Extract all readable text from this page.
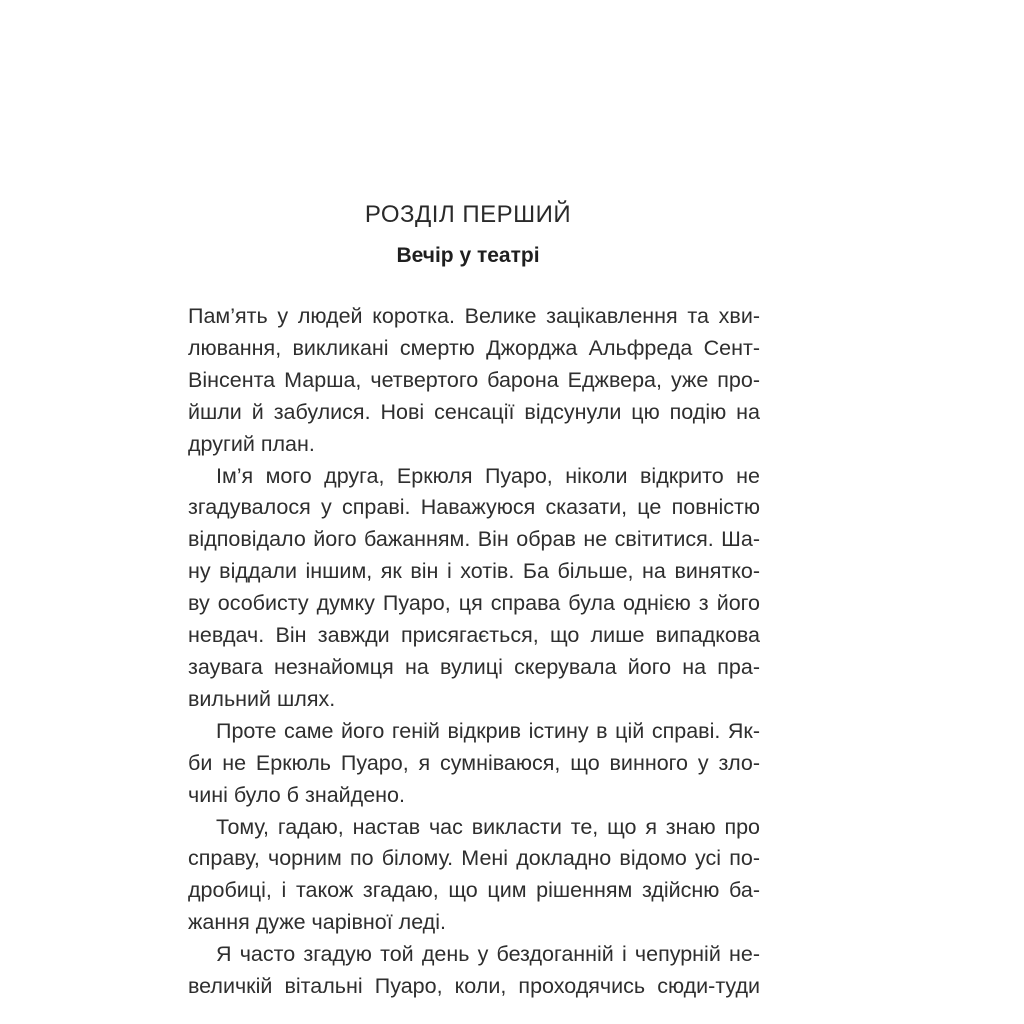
РОЗДІЛ ПЕРШИЙ
Вечір у театрі

Пам’ять у людей коротка. Велике зацікавлення та хви-
лювання, викликані смертю Джорджа Альфреда Сент-
Вінсента Марша, четвертого барона Еджвера, уже про-
йшли й забулися. Нові сенсації відсунули цю подію на
другий план.

Ім’я мого друга, Еркюля Пуаро, ніколи відкрито не
згадувалося у справі. Наважуюся сказати, це повністю
відповідало його бажанням. Він обрав не світитися. Ша-
ну віддали іншим, як він і хотів. Ба більше, на винятко-
ву особисту думку Пуаро, ця справа була однією з його
невдач. Він завжди присягається, що лише випадкова
заувага незнайомця на вулиці скерувала його на пра-
вильний шлях.

Проте саме його геній відкрив істину в цій справі. Як-
би не Еркюль Пуаро, я сумніваюся, що винного у зло-
чині було б знайдено.

Тому, гадаю, настав час викласти те, що я знаю про
справу, чорним по білому. Мені докладно відомо усі по-
дробиці, і також згадаю, що цим рішенням здійсню ба-
жання дуже чарівної леді.

Я часто згадую той день у бездоганній і чепурній не-
величкій вітальні Пуаро, коли, проходячись сюди-туди
